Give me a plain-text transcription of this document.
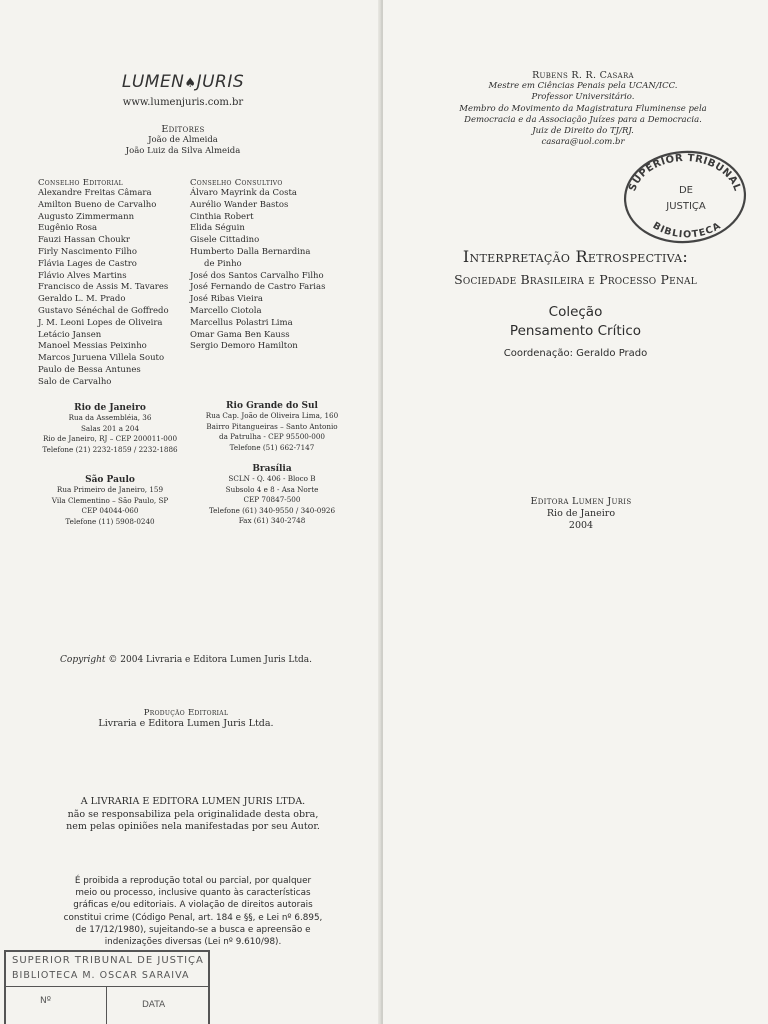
LUMEN♠JURIS
www.lumenjuris.com.br
Editores
João de Almeida
João Luiz da Silva Almeida
Conselho Editorial
Alexandre Freitas Câmara
Amilton Bueno de Carvalho
Augusto Zimmermann
Eugênio Rosa
Fauzi Hassan Choukr
Firly Nascimento Filho
Flávia Lages de Castro
Flávio Alves Martins
Francisco de Assis M. Tavares
Geraldo L. M. Prado
Gustavo Sénéchal de Goffredo
J. M. Leoni Lopes de Oliveira
Letácio Jansen
Manoel Messias Peixinho
Marcos Juruena Villela Souto
Paulo de Bessa Antunes
Salo de Carvalho
Conselho Consultivo
Álvaro Mayrink da Costa
Aurélio Wander Bastos
Cinthia Robert
Elida Séguin
Gisele Cittadino
Humberto Dalla Bernardina
de Pinho
José dos Santos Carvalho Filho
José Fernando de Castro Farias
José Ribas Vieira
Marcello Ciotola
Marcellus Polastri Lima
Omar Gama Ben Kauss
Sergio Demoro Hamilton
Rio de Janeiro
Rua da Assembléia, 36
Salas 201 a 204
Rio de Janeiro, RJ – CEP 200011-000
Telefone (21) 2232-1859 / 2232-1886
Rio Grande do Sul
Rua Cap. João de Oliveira Lima, 160
Bairro Pitangueiras – Santo Antonio
da Patrulha - CEP 95500-000
Telefone (51) 662-7147
São Paulo
Rua Primeiro de Janeiro, 159
Vila Clementino – São Paulo, SP
CEP 04044-060
Telefone (11) 5908-0240
Brasília
SCLN - Q. 406 - Bloco B
Subsolo 4 e 8 - Asa Norte
CEP 70847-500
Telefone (61) 340-9550 / 340-0926
Fax (61) 340-2748
Copyright © 2004 Livraria e Editora Lumen Juris Ltda.
Produção Editorial
Livraria e Editora Lumen Juris Ltda.
A LIVRARIA E EDITORA LUMEN JURIS LTDA.
não se responsabiliza pela originalidade desta obra,
nem pelas opiniões nela manifestadas por seu Autor.
É proibida a reprodução total ou parcial, por qualquer
meio ou processo, inclusive quanto às características
gráficas e/ou editoriais. A violação de direitos autorais
constitui crime (Código Penal, art. 184 e §§, e Lei nº 6.895,
de 17/12/1980), sujeitando-se a busca e apreensão e
indenizações diversas (Lei nº 9.610/98).
SUPERIOR TRIBUNAL DE JUSTIÇA
BIBLIOTECA M. OSCAR SARAIVA
Nº	DATA
Rubens R. R. Casara
Mestre em Ciências Penais pela UCAN/ICC.
Professor Universitário.
Membro do Movimento da Magistratura Fluminense pela
Democracia e da Associação Juízes para a Democracia.
Juiz de Direito do TJ/RJ.
casara@uol.com.br
SUPERIOR TRIBUNAL
DE
JUSTIÇA
BIBLIOTECA
Interpretação Retrospectiva:
Sociedade Brasileira e Processo Penal
Coleção
Pensamento Crítico
Coordenação: Geraldo Prado
Editora Lumen Juris
Rio de Janeiro
2004
